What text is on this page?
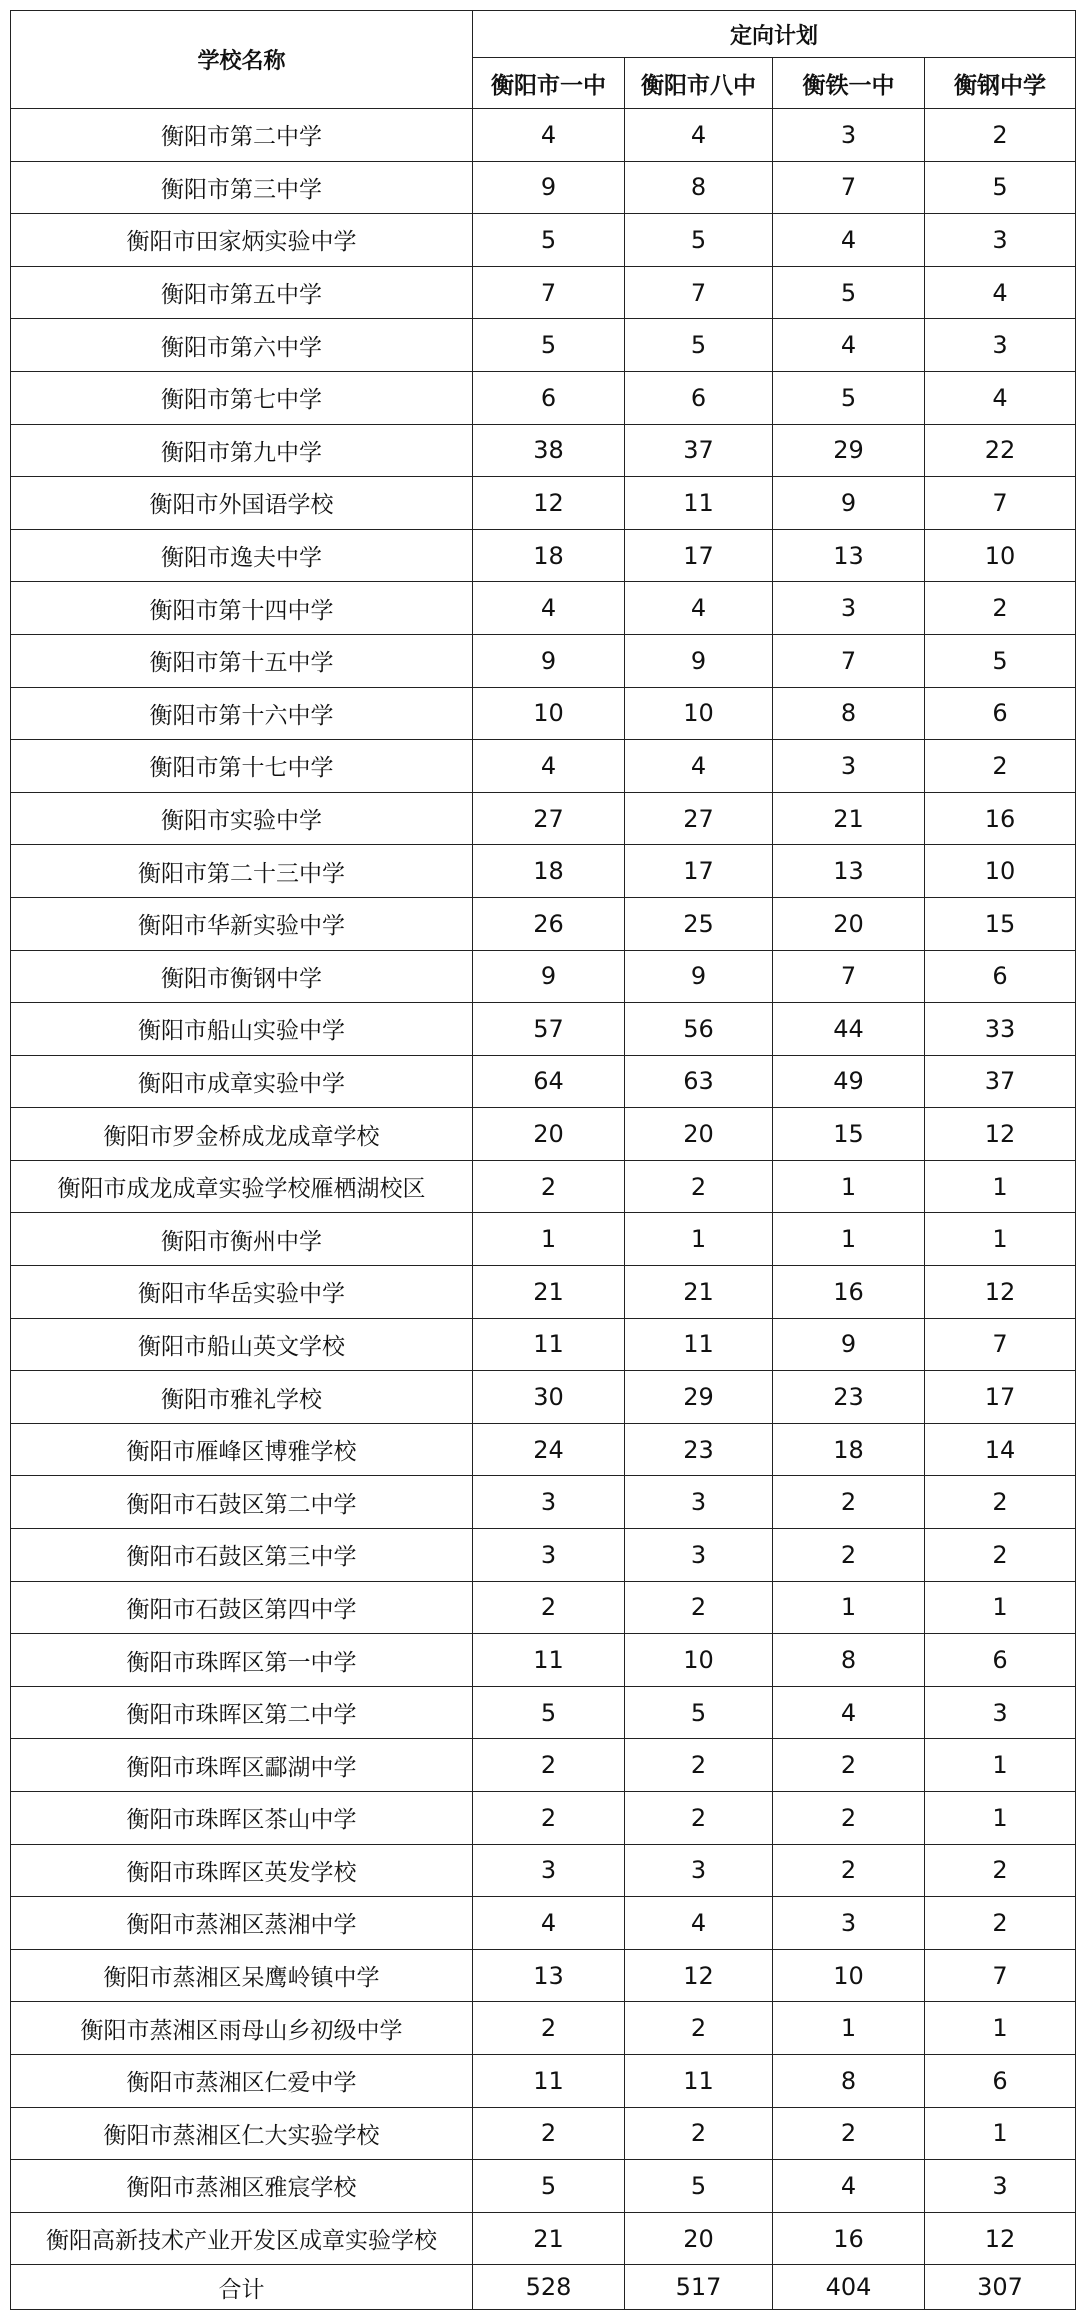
学校名称	定向计划			
	衡阳市一中	衡阳市八中	衡铁一中	衡钢中学
衡阳市第二中学	4	4	3	2
衡阳市第三中学	9	8	7	5
衡阳市田家炳实验中学	5	5	4	3
衡阳市第五中学	7	7	5	4
衡阳市第六中学	5	5	4	3
衡阳市第七中学	6	6	5	4
衡阳市第九中学	38	37	29	22
衡阳市外国语学校	12	11	9	7
衡阳市逸夫中学	18	17	13	10
衡阳市第十四中学	4	4	3	2
衡阳市第十五中学	9	9	7	5
衡阳市第十六中学	10	10	8	6
衡阳市第十七中学	4	4	3	2
衡阳市实验中学	27	27	21	16
衡阳市第二十三中学	18	17	13	10
衡阳市华新实验中学	26	25	20	15
衡阳市衡钢中学	9	9	7	6
衡阳市船山实验中学	57	56	44	33
衡阳市成章实验中学	64	63	49	37
衡阳市罗金桥成龙成章学校	20	20	15	12
衡阳市成龙成章实验学校雁栖湖校区	2	2	1	1
衡阳市衡州中学	1	1	1	1
衡阳市华岳实验中学	21	21	16	12
衡阳市船山英文学校	11	11	9	7
衡阳市雅礼学校	30	29	23	17
衡阳市雁峰区博雅学校	24	23	18	14
衡阳市石鼓区第二中学	3	3	2	2
衡阳市石鼓区第三中学	3	3	2	2
衡阳市石鼓区第四中学	2	2	1	1
衡阳市珠晖区第一中学	11	10	8	6
衡阳市珠晖区第二中学	5	5	4	3
衡阳市珠晖区酃湖中学	2	2	2	1
衡阳市珠晖区茶山中学	2	2	2	1
衡阳市珠晖区英发学校	3	3	2	2
衡阳市蒸湘区蒸湘中学	4	4	3	2
衡阳市蒸湘区呆鹰岭镇中学	13	12	10	7
衡阳市蒸湘区雨母山乡初级中学	2	2	1	1
衡阳市蒸湘区仁爱中学	11	11	8	6
衡阳市蒸湘区仁大实验学校	2	2	2	1
衡阳市蒸湘区雅宸学校	5	5	4	3
衡阳高新技术产业开发区成章实验学校	21	20	16	12
合计	528	517	404	307
